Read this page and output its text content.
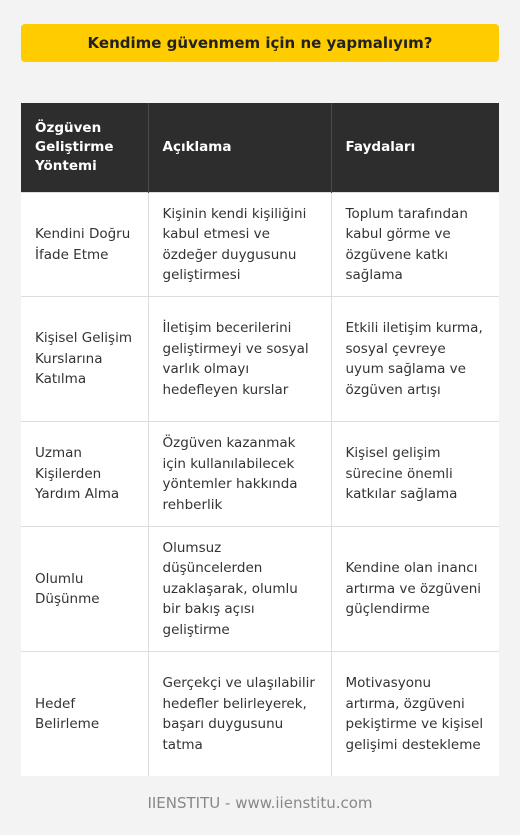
Kendime güvenmem için ne yapmalıyım?
Özgüven Geliştirme Yöntemi	Açıklama	Faydaları
Kendini Doğru İfade Etme	Kişinin kendi kişiliğini kabul etmesi ve özdeğer duygusunu geliştirmesi	Toplum tarafından kabul görme ve özgüvene katkı sağlama
Kişisel Gelişim Kurslarına Katılma	İletişim becerilerini geliştirmeyi ve sosyal varlık olmayı hedefleyen kurslar	Etkili iletişim kurma, sosyal çevreye uyum sağlama ve özgüven artışı
Uzman Kişilerden Yardım Alma	Özgüven kazanmak için kullanılabilecek yöntemler hakkında rehberlik	Kişisel gelişim sürecine önemli katkılar sağlama
Olumlu Düşünme	Olumsuz düşüncelerden uzaklaşarak, olumlu bir bakış açısı geliştirme	Kendine olan inancı artırma ve özgüveni güçlendirme
Hedef Belirleme	Gerçekçi ve ulaşılabilir hedefler belirleyerek, başarı duygusunu tatma	Motivasyonu artırma, özgüveni pekiştirme ve kişisel gelişimi destekleme
IIENSTITU - www.iienstitu.com
